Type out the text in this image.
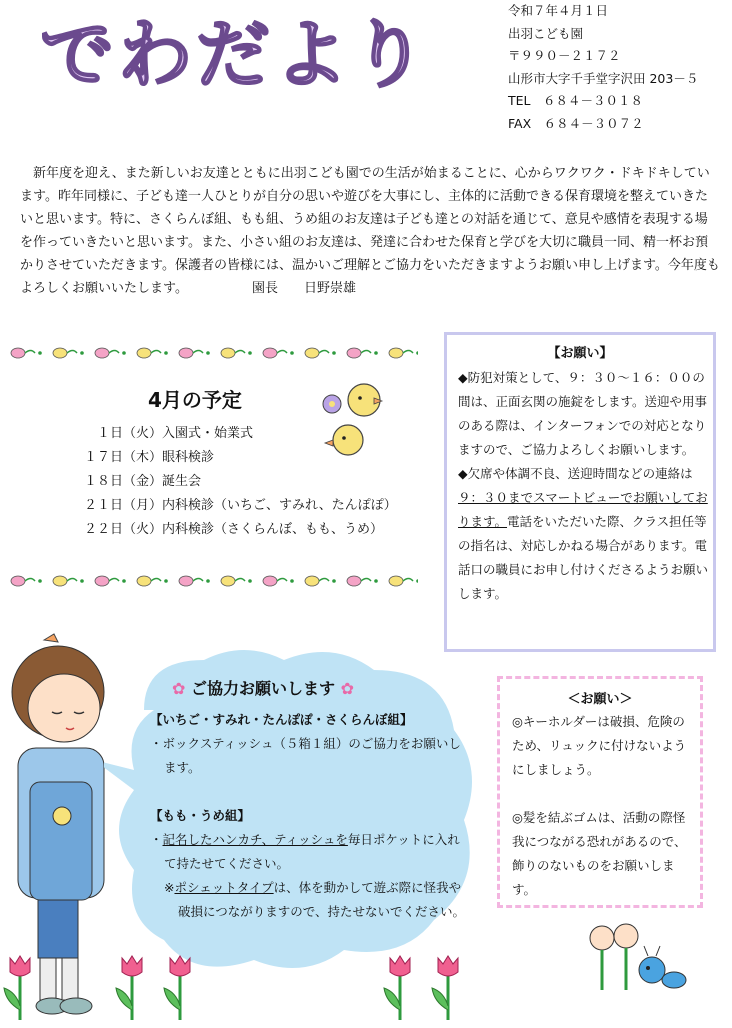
でわだより
令和７年４月１日
出羽こども園
〒９９０－２１７２
山形市大字千手堂字沢田 203－５
TEL　６８４－３０１８
FAX　６８４－３０７２
　新年度を迎え、また新しいお友達とともに出羽こども園での生活が始まることに、心からワクワク・ドキドキしています。昨年同様に、子ども達一人ひとりが自分の思いや遊びを大事にし、主体的に活動できる保育環境を整えていきたいと思います。特に、さくらんぼ組、もも組、うめ組のお友達は子ども達との対話を通じて、意見や感情を表現する場を作っていきたいと思います。また、小さい組のお友達は、発達に合わせた保育と学びを大切に職員一同、精一杯お預かりさせていただきます。保護者の皆様には、温かいご理解とご協力をいただきますようお願い申し上げます。今年度もよろしくお願いいたします。	園長　　日野崇雄
4月の予定
　１日（火）入園式・始業式
１７日（木）眼科検診
１８日（金）誕生会
２１日（月）内科検診（いちご、すみれ、たんぽぽ）
２２日（火）内科検診（さくらんぼ、もも、うめ）
【お願い】

◆防犯対策として、９：３０～１６：００の間は、正面玄関の施錠をします。送迎や用事のある際は、インターフォンでの対応となりますので、ご協力よろしくお願いします。

◆欠席や体調不良、送迎時間などの連絡は９：３０までスマートビューでお願いしております。電話をいただいた際、クラス担任等の指名は、対応しかねる場合があります。電話口の職員にお申し付けくださるようお願いします。

✿ ご協力お願いします ✿

【いちご・すみれ・たんぽぽ・さくらんぼ組】

・ボックスティッシュ（５箱１組）のご協力をお願いします。

【もも・うめ組】

・記名したハンカチ、ティッシュを毎日ポケットに入れて持たせてください。

※ポシェットタイプは、体を動かして遊ぶ際に怪我や破損につながりますので、持たせないでください。

＜お願い＞

◎キーホルダーは破損、危険のため、リュックに付けないようにしましょう。

◎髪を結ぶゴムは、活動の際怪我につながる恐れがあるので、飾りのないものをお願いします。
